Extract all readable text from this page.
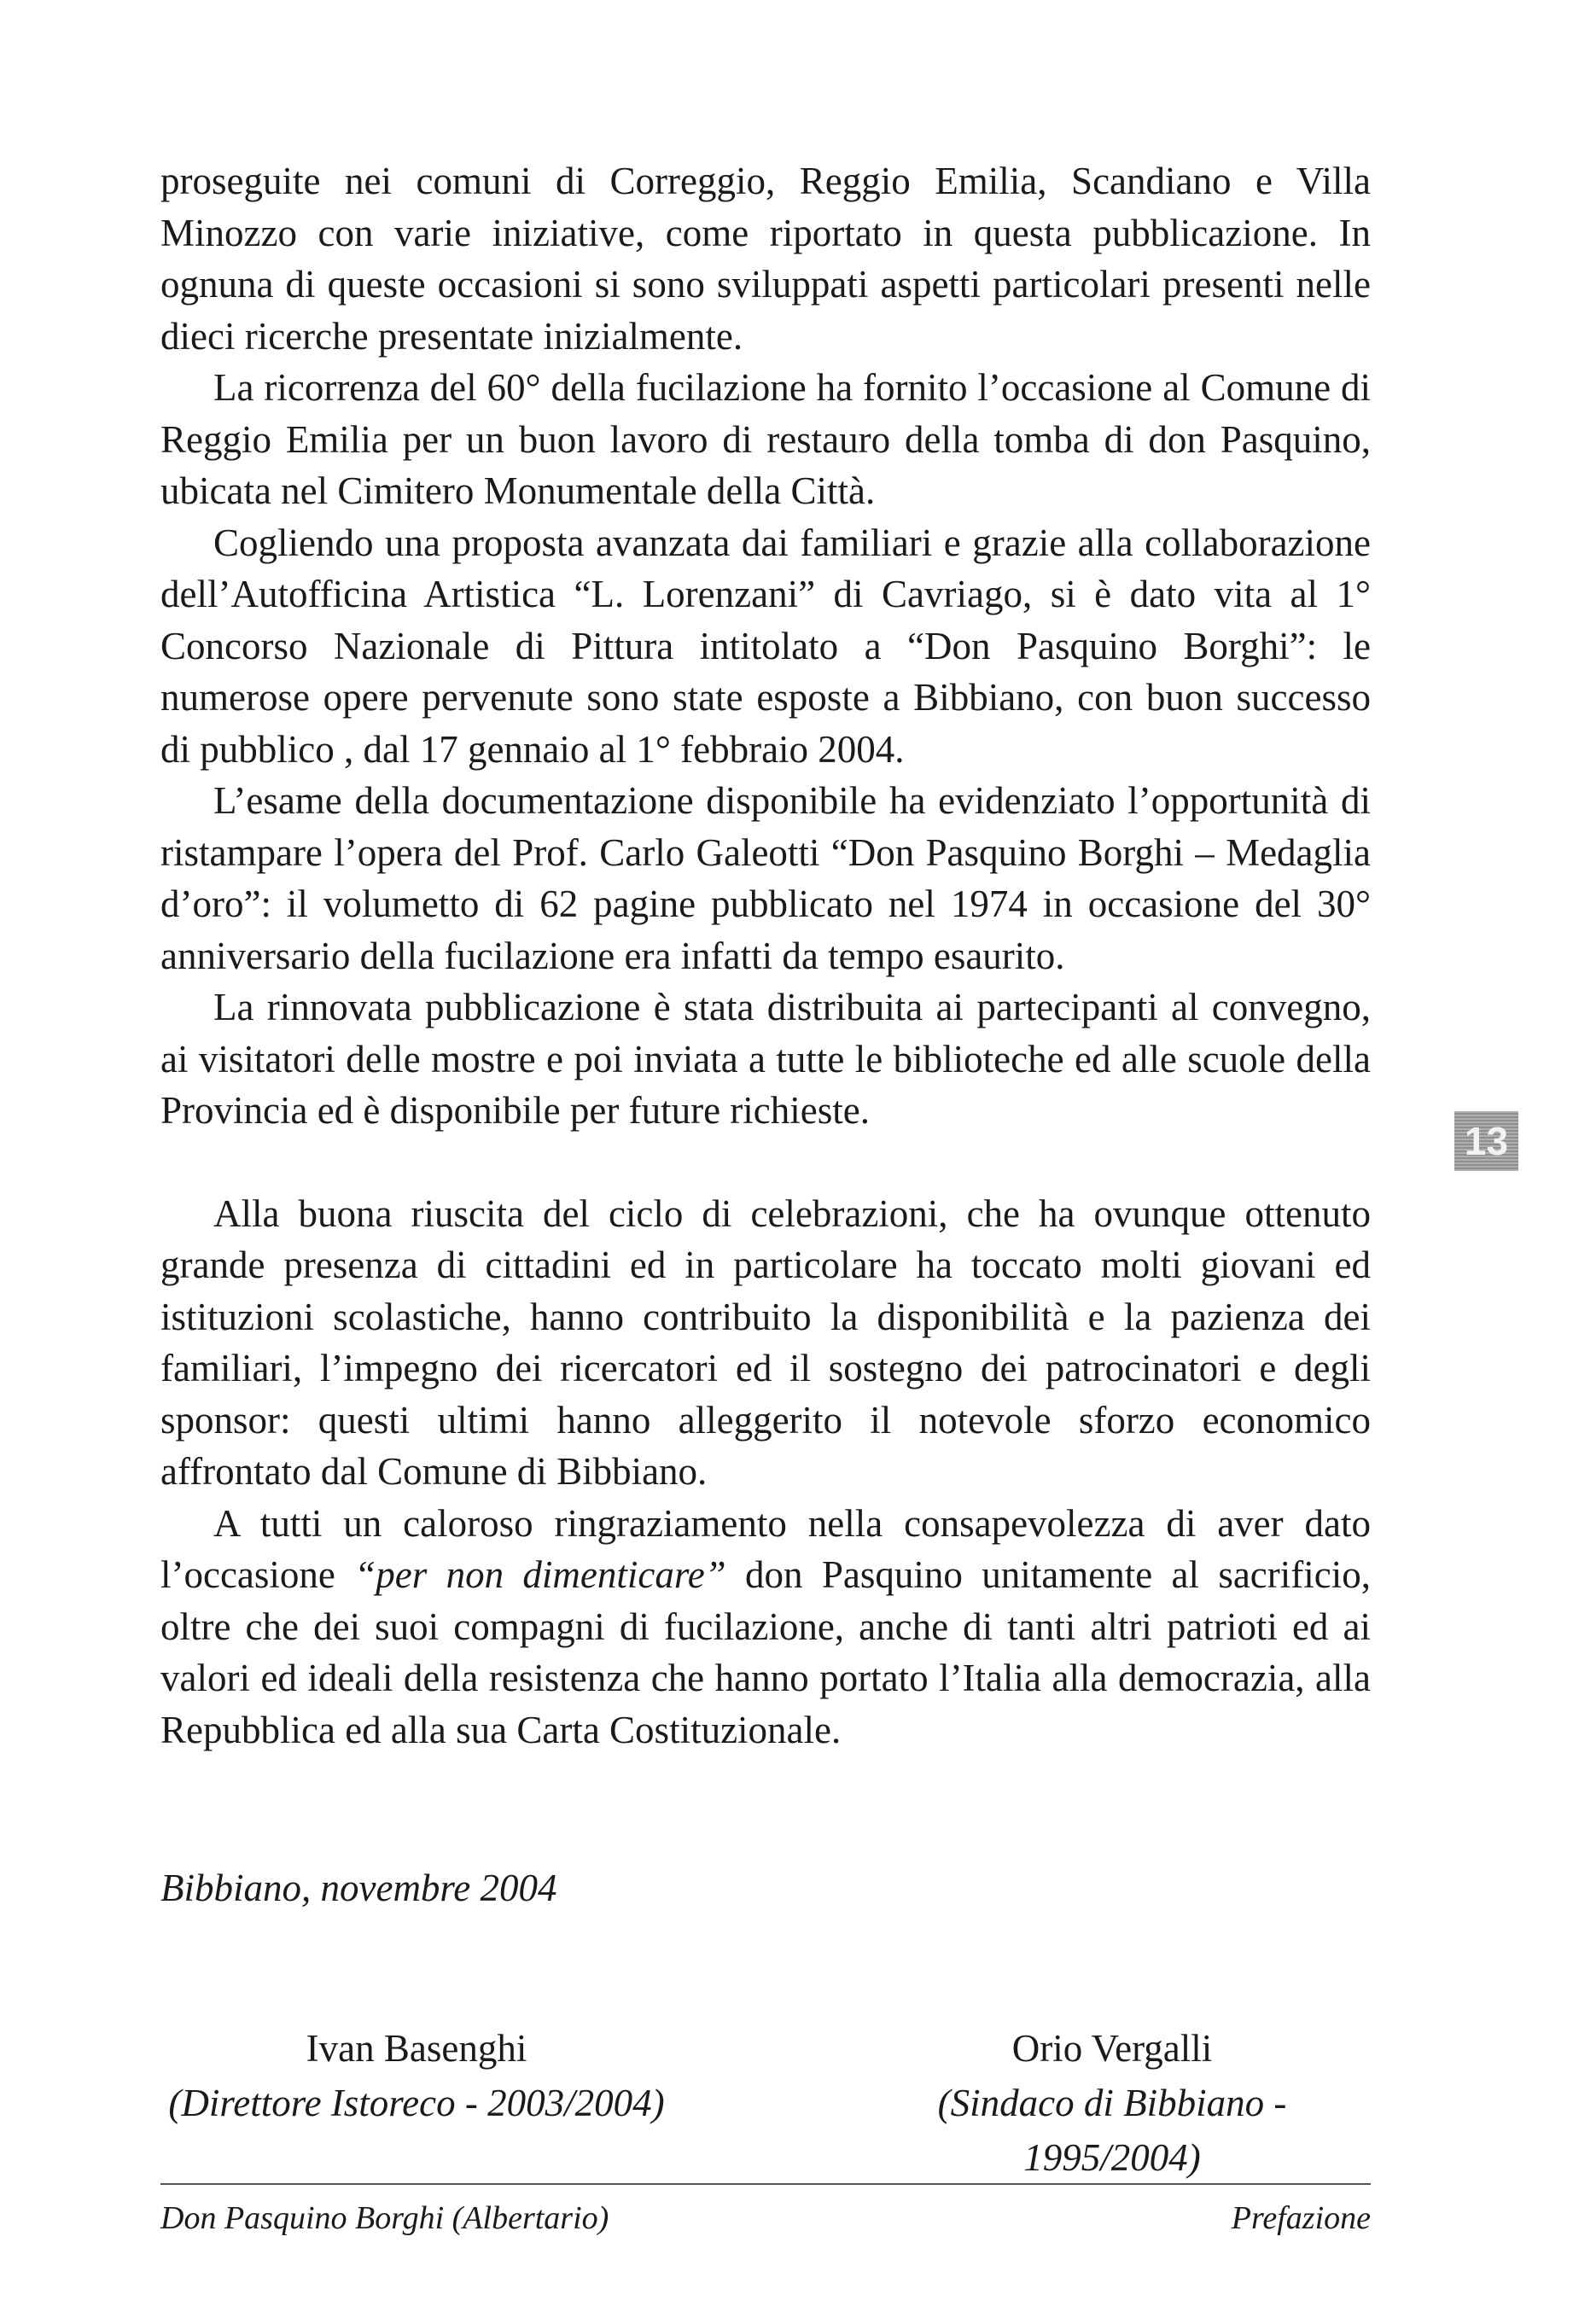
proseguite nei comuni di Correggio, Reggio Emilia, Scandiano e Villa Minozzo con varie iniziative, come riportato in questa pubblicazione. In ognuna di queste occasioni si sono sviluppati aspetti particolari presenti nelle dieci ricerche presentate inizialmente.

La ricorrenza del 60° della fucilazione ha fornito l’occasione al Comune di Reggio Emilia per un buon lavoro di restauro della tomba di don Pasquino, ubicata nel Cimitero Monumentale della Città.

Cogliendo una proposta avanzata dai familiari e grazie alla collaborazione dell’Autofficina Artistica “L. Lorenzani” di Cavriago, si è dato vita al 1° Concorso Nazionale di Pittura intitolato a “Don Pasquino Borghi”: le numerose opere pervenute sono state esposte a Bibbiano, con buon successo di pubblico , dal 17 gennaio al 1° febbraio 2004.

L’esame della documentazione disponibile ha evidenziato l’opportunità di ristampare l’opera del Prof. Carlo Galeotti “Don Pasquino Borghi – Medaglia d’oro”: il volumetto di 62 pagine pubblicato nel 1974 in occasione del 30° anniversario della fucilazione era infatti da tempo esaurito.

La rinnovata pubblicazione è stata distribuita ai partecipanti al convegno, ai visitatori delle mostre e poi inviata a tutte le biblioteche ed alle scuole della Provincia ed è disponibile per future richieste.

Alla buona riuscita del ciclo di celebrazioni, che ha ovunque ottenuto grande presenza di cittadini ed in particolare ha toccato molti giovani ed istituzioni scolastiche, hanno contribuito la disponibilità e la pazienza dei familiari, l’impegno dei ricercatori ed il sostegno dei patrocinatori e degli sponsor: questi ultimi hanno alleggerito il notevole sforzo economico affrontato dal Comune di Bibbiano.

A tutti un caloroso ringraziamento nella consapevolezza di aver dato l’occasione “per non dimenticare” don Pasquino unitamente al sacrificio, oltre che dei suoi compagni di fucilazione, anche di tanti altri patrioti ed ai valori ed ideali della resistenza che hanno portato l’Italia alla democrazia, alla Repubblica ed alla sua Carta Costituzionale.

Bibbiano, novembre 2004

Ivan Basenghi
(Direttore Istoreco - 2003/2004)
Orio Vergalli
(Sindaco di Bibbiano - 1995/2004)
13
Don Pasquino Borghi (Albertario)	Prefazione
